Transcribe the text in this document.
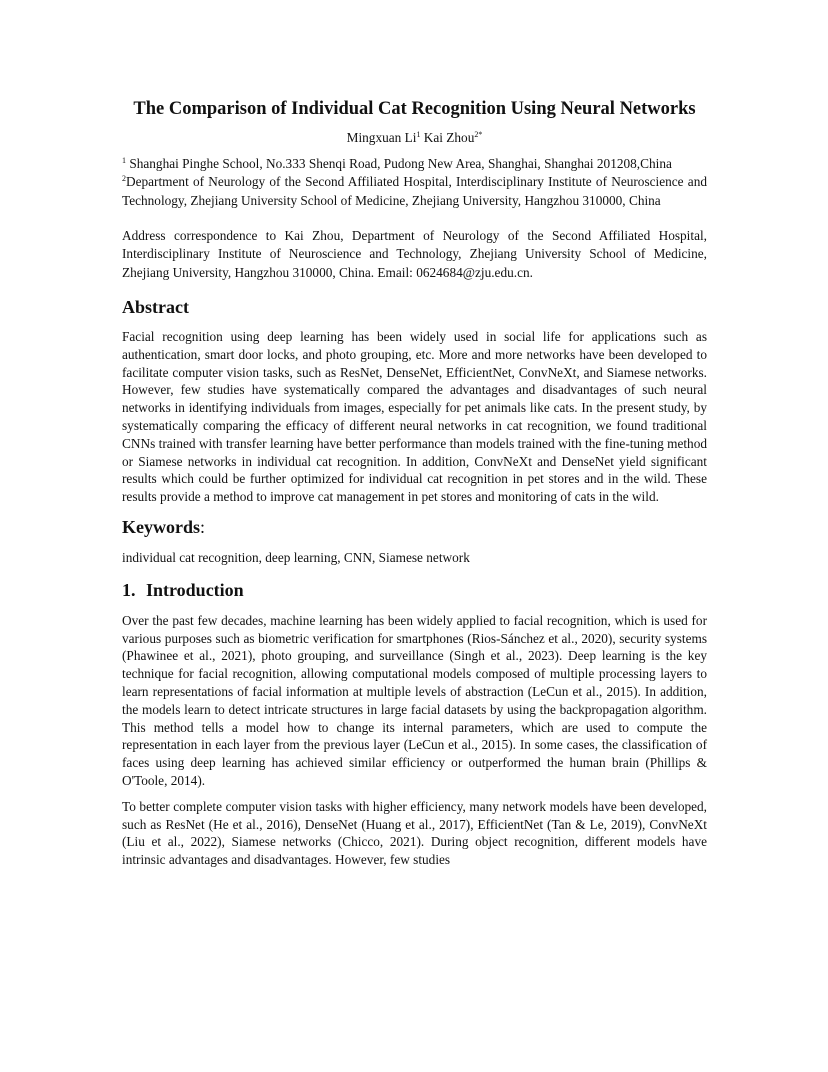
The Comparison of Individual Cat Recognition Using Neural Networks
Mingxuan Li$^1$ Kai Zhou$^{2*}$
$^1$ Shanghai Pinghe School, No.333 Shenqi Road, Pudong New Area, Shanghai, Shanghai 201208,China
$^2$Department of Neurology of the Second Affiliated Hospital, Interdisciplinary Institute of Neuroscience and Technology, Zhejiang University School of Medicine, Zhejiang University, Hangzhou 310000, China

Address correspondence to Kai Zhou, Department of Neurology of the Second Affiliated Hospital, Interdisciplinary Institute of Neuroscience and Technology, Zhejiang University School of Medicine, Zhejiang University, Hangzhou 310000, China. Email: 0624684@zju.edu.cn.

Abstract

Facial recognition using deep learning has been widely used in social life for applications such as authentication, smart door locks, and photo grouping, etc. More and more networks have been developed to facilitate computer vision tasks, such as ResNet, DenseNet, EfficientNet, ConvNeXt, and Siamese networks. However, few studies have systematically compared the advantages and disadvantages of such neural networks in identifying individuals from images, especially for pet animals like cats. In the present study, by systematically comparing the efficacy of different neural networks in cat recognition, we found traditional CNNs trained with transfer learning have better performance than models trained with the fine-tuning method or Siamese networks in individual cat recognition. In addition, ConvNeXt and DenseNet yield significant results which could be further optimized for individual cat recognition in pet stores and in the wild. These results provide a method to improve cat management in pet stores and monitoring of cats in the wild.

Keywords:

individual cat recognition, deep learning, CNN, Siamese network

1. Introduction

Over the past few decades, machine learning has been widely applied to facial recognition, which is used for various purposes such as biometric verification for smartphones (Rios-Sánchez et al., 2020), security systems (Phawinee et al., 2021), photo grouping, and surveillance (Singh et al., 2023). Deep learning is the key technique for facial recognition, allowing computational models composed of multiple processing layers to learn representations of facial information at multiple levels of abstraction (LeCun et al., 2015). In addition, the models learn to detect intricate structures in large facial datasets by using the backpropagation algorithm. This method tells a model how to change its internal parameters, which are used to compute the representation in each layer from the previous layer (LeCun et al., 2015). In some cases, the classification of faces using deep learning has achieved similar efficiency or outperformed the human brain (Phillips & O'Toole, 2014).

To better complete computer vision tasks with higher efficiency, many network models have been developed, such as ResNet (He et al., 2016), DenseNet (Huang et al., 2017), EfficientNet (Tan & Le, 2019), ConvNeXt (Liu et al., 2022), Siamese networks (Chicco, 2021). During object recognition, different models have intrinsic advantages and disadvantages. However, few studies
